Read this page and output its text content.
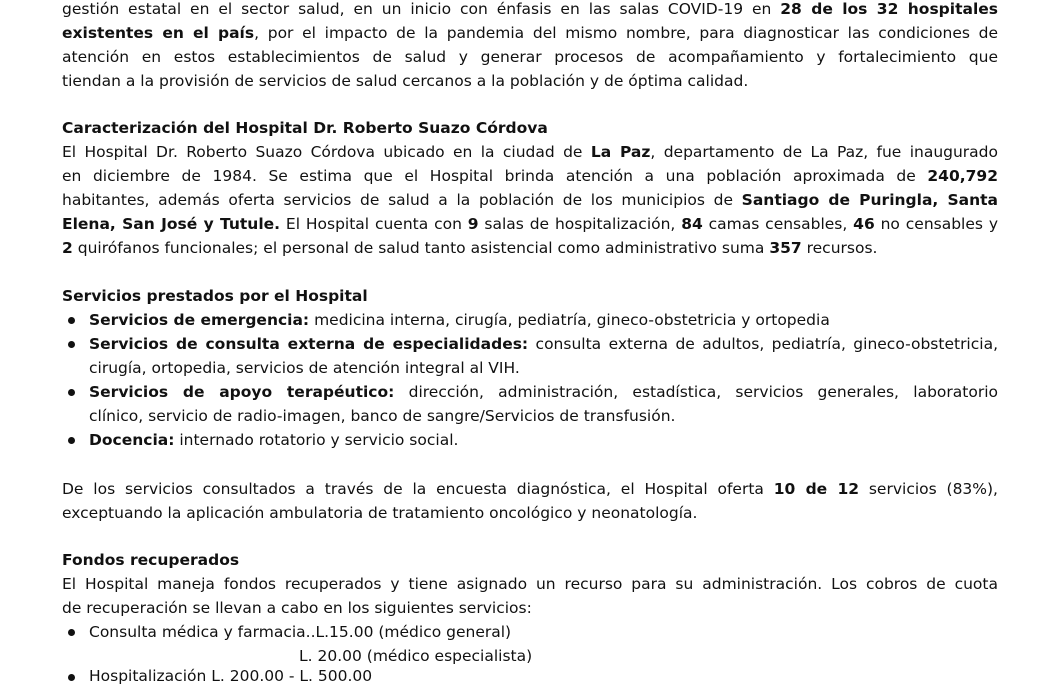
gestión estatal en el sector salud, en un inicio con énfasis en las salas COVID-19 en 28 de los 32 hospitales
existentes en el país, por el impacto de la pandemia del mismo nombre, para diagnosticar las condiciones de
atención en estos establecimientos de salud y generar procesos de acompañamiento y fortalecimiento que
tiendan a la provisión de servicios de salud cercanos a la población y de óptima calidad.
Caracterización del Hospital Dr. Roberto Suazo Córdova
El Hospital Dr. Roberto Suazo Córdova ubicado en la ciudad de La Paz, departamento de La Paz, fue inaugurado
en diciembre de 1984. Se estima que el Hospital brinda atención a una población aproximada de 240,792
habitantes, además oferta servicios de salud a la población de los municipios de Santiago de Puringla, Santa
Elena, San José y Tutule. El Hospital cuenta con 9 salas de hospitalización, 84 camas censables, 46 no censables y
2 quirófanos funcionales; el personal de salud tanto asistencial como administrativo suma 357 recursos.
Servicios prestados por el Hospital
Servicios de emergencia: medicina interna, cirugía, pediatría, gineco-obstetricia y ortopedia
Servicios de consulta externa de especialidades: consulta externa de adultos, pediatría, gineco-obstetricia,
cirugía, ortopedia, servicios de atención integral al VIH.
Servicios de apoyo terapéutico: dirección, administración, estadística, servicios generales, laboratorio
clínico, servicio de radio-imagen, banco de sangre/Servicios de transfusión.
Docencia: internado rotatorio y servicio social.
De los servicios consultados a través de la encuesta diagnóstica, el Hospital oferta 10 de 12 servicios (83%),
exceptuando la aplicación ambulatoria de tratamiento oncológico y neonatología.
Fondos recuperados
El Hospital maneja fondos recuperados y tiene asignado un recurso para su administración. Los cobros de cuota
de recuperación se llevan a cabo en los siguientes servicios:
Consulta médica y farmacia..L.15.00 (médico general)
L. 20.00 (médico especialista)
Hospitalización L. 200.00 - L. 500.00
